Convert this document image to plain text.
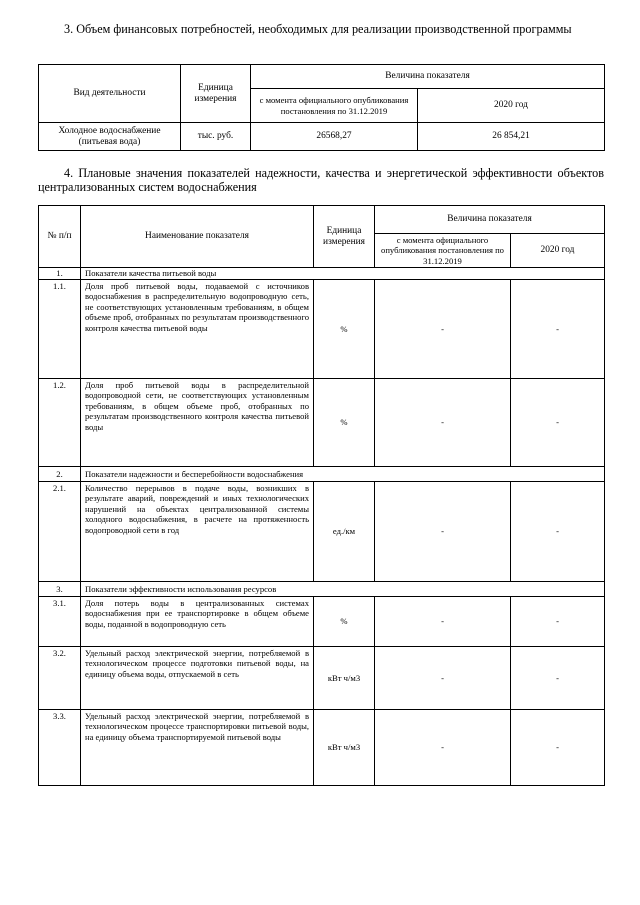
3. Объем финансовых потребностей, необходимых для реализации производственной программы
Вид деятельности	Единица измерения	Величина показателя	
		с момента официального опубликования постановления по 31.12.2019	2020 год
Холодное водоснабжение (питьевая вода)	тыс. руб.	26568,27	26 854,21
4. Плановые значения показателей надежности, качества и энергетической эффективности объектов централизованных систем водоснабжения
№ п/п	Наименование показателя	Единица измерения	Величина показателя	
			с момента официального опубликования постановления по 31.12.2019	2020 год
1.	Показатели качества питьевой воды			
1.1.	Доля проб питьевой воды, подаваемой с источников водоснабжения в распределительную водопроводную сеть, не соответствующих установленным требованиям, в общем объеме проб, отобранных по результатам производственного контроля качества питьевой воды	%	-	-
1.2.	Доля проб питьевой воды в распределительной водопроводной сети, не соответствующих установленным требованиям, в общем объеме проб, отобранных по результатам производственного контроля качества питьевой воды	%	-	-
2.	Показатели надежности и бесперебойности водоснабжения			
2.1.	Количество перерывов в подаче воды, возникших в результате аварий, повреждений и иных технологических нарушений на объектах централизованной системы холодного водоснабжения, в расчете на протяженность водопроводной сети в год	ед./км	-	-
3.	Показатели эффективности использования ресурсов			
3.1.	Доля потерь воды в централизованных системах водоснабжения при ее транспортировке в общем объеме воды, поданной в водопроводную сеть	%	-	-
3.2.	Удельный расход электрической энергии, потребляемой в технологическом процессе подготовки питьевой воды, на единицу объема воды, отпускаемой в сеть	кВт ч/м3	-	-
3.3.	Удельный расход электрической энергии, потребляемой в технологическом процессе транспортировки питьевой воды, на единицу объема транспортируемой питьевой воды	кВт ч/м3	-	-
